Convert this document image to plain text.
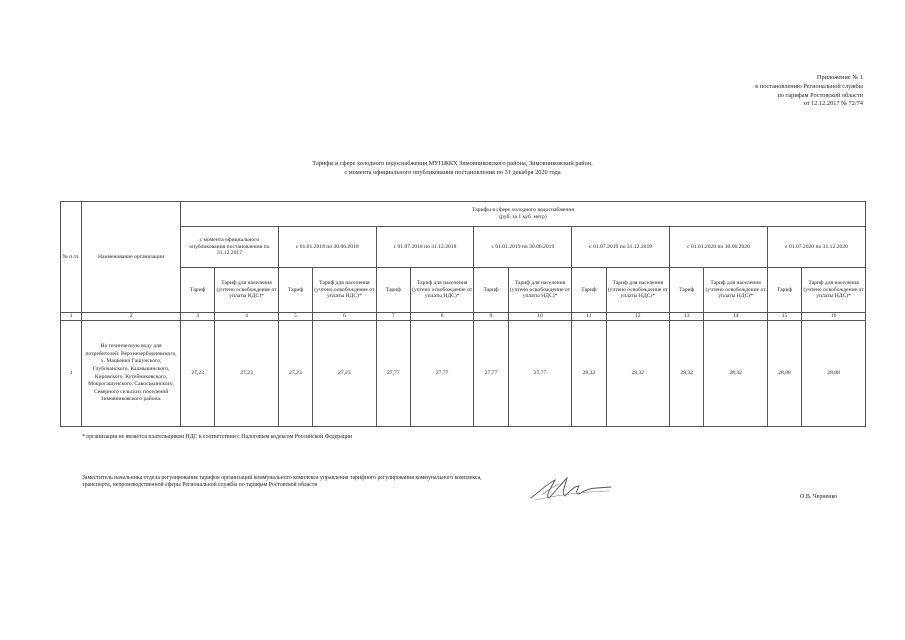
Приложение № 1
к постановлению Региональной службы
по тарифам Ростовской области
от 12.12.2017 № 72/74
Тарифы в сфере холодного водоснабжения МУПЖКХ Зимовниковского района, Зимовниковский район,
с момента официального опубликования постановления по 31 декабря 2020 года
№ п./п.	Наименование организации	Тарифы в сфере холодного водоснабжения
(руб. за 1 куб. метр)													

		с момента официального опубликования постановления по 31.12.2017		с 01.01.2018 по 30.06.2018		с 01.07.2018 по 31.12.2018		с 01.01.2019 по 30.06.2019		с 01.07.2019 по 31.12.2019		с 01.01.2020 по 30.06.2020		с 01.07.2020 по 31.12.2020	
		Тариф	Тариф для населения (учтено освобождение от уплаты НДС)*	Тариф	Тариф для населения (учтено освобождение от уплаты НДС)*	Тариф	Тариф для населения (учтено освобождение от уплаты НДС)*	Тариф	Тариф для населения (учтено освобождение от уплаты НДС)*	Тариф	Тариф для населения (учтено освобождение от уплаты НДС)*	Тариф	Тариф для населения (учтено освобождение от уплаты НДС)*	Тариф	Тариф для населения (учтено освобождение от уплаты НДС)*
1	2	3	4	5	6	7	8	9	10	11	12	13	14	15	16
1	На техническую воду для потребителей: Верхнезерборновского, х. Мацкевич Гашунского, Глубочанского, Калмыкинского, Кировского, Кутейниковского, Мокрогашунского, Савоськинского, Северного сельских поселений Зимовниковского района.	27,23	27,23	27,23	27,23	27,77	27,77	27,77	27,77	28,32	28,32	28,32	28,32	28,88	28,88
* организация не является плательщиком НДС в соответствии с Налоговым кодексом Российской Федерации
Заместитель начальника отдела регулирования тарифов организаций коммунального комплекса управления тарифного регулирования коммунального комплекса, транспорта, непроизводственной сферы Региональной службы по тарифам Ростовской области
О.В. Черненко
